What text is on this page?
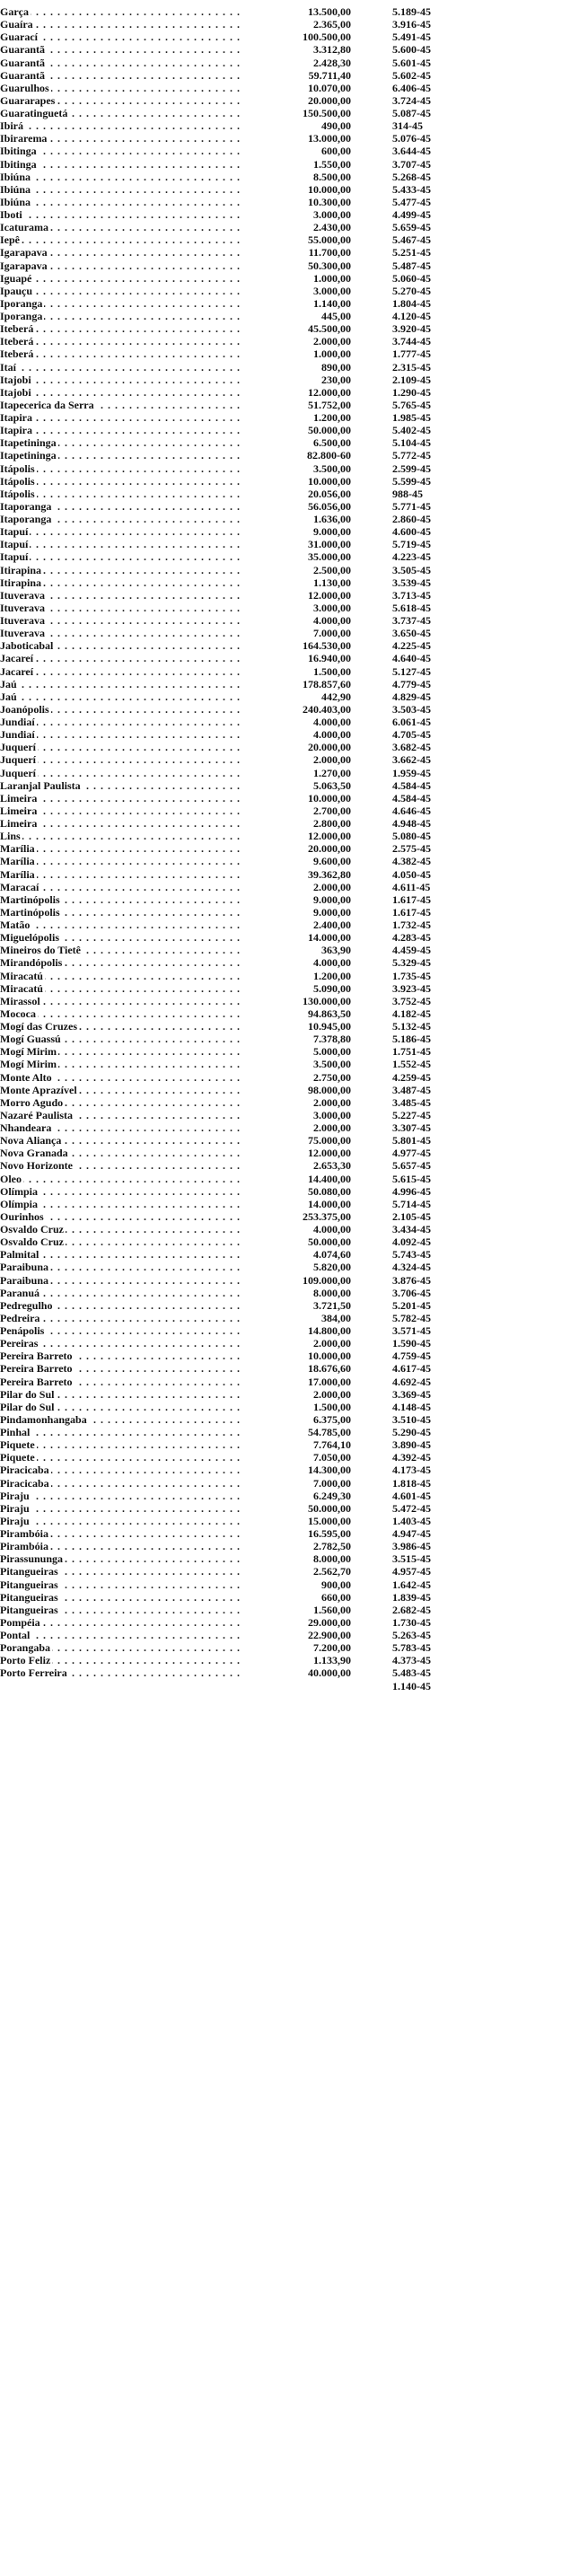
Garça . . .	13.500,00	5.189-45
Guaíra . . .	2.365,00	3.916-45
Guarací . . .	100.500,00	5.491-45
Guarantã . . .	3.312,80	5.600-45
Guarantã . . .	2.428,30	5.601-45
Guarantã . . .	59.711,40	5.602-45
Guarulhos . . .	10.070,00	6.406-45
Guararapes . . .	20.000,00	3.724-45
Guaratinguetá . . .	150.500,00	5.087-45
Ibirá . . .	490,00	314-45
Ibirarema . . .	13.000,00	5.076-45
Ibitinga . . .	600,00	3.644-45
Ibitinga . . .	1.550,00	3.707-45
Ibiúna . . .	8.500,00	5.268-45
Ibiúna . . .	10.000,00	5.433-45
Ibiúna . . .	10.300,00	5.477-45
Iboti . . .	3.000,00	4.499-45
Icaturama . . .	2.430,00	5.659-45
Iepê . . .	55.000,00	5.467-45
Igarapava . . .	11.700,00	5.251-45
Igarapava . . .	50.300,00	5.487-45
Iguapé . . .	1.000,00	5.060-45
Ipauçu . . .	3.000,00	5.270-45
Iporanga . . .	1.140,00	1.804-45
Iporanga . . .	445,00	4.120-45
Iteberá . . .	45.500,00	3.920-45
Iteberá . . .	2.000,00	3.744-45
Iteberá . . .	1.000,00	1.777-45
Itaí . . .	890,00	2.315-45
Itajobi . . .	230,00	2.109-45
Itajobi . . .	12.000,00	1.290-45
Itapecerica da Serra . . .	51.752,00	5.765-45
Itapira . . .	1.200,00	1.985-45
Itapira . . .	50.000,00	5.402-45
Itapetininga . . .	6.500,00	5.104-45
Itapetininga . . .	82.800-60	5.772-45
Itápolis . . .	3.500,00	2.599-45
Itápolis . . .	10.000,00	5.599-45
Itápolis . . .	20.056,00	988-45
Itaporanga . . .	56.056,00	5.771-45
Itaporanga . . .	1.636,00	2.860-45
Itapuí . . .	9.000,00	4.600-45
Itapuí . . .	31.000,00	5.719-45
Itapuí . . .	35.000,00	4.223-45
Itirapina . . .	2.500,00	3.505-45
Itirapina . . .	1.130,00	3.539-45
Ituverava . . .	12.000,00	3.713-45
Ituverava . . .	3.000,00	5.618-45
Ituverava . . .	4.000,00	3.737-45
Ituverava . . .	7.000,00	3.650-45
Jaboticabal . . .	164.530,00	4.225-45
Jacareí . . .	16.940,00	4.640-45
Jacareí . . .	1.500,00	5.127-45
Jaú . . .	178.857,60	4.779-45
Jaú . . .	442,90	4.829-45
Joanópolis . . .	240.403,00	3.503-45
Jundiaí . . .	4.000,00	6.061-45
Jundiaí . . .	4.000,00	4.705-45
Juquerí . . .	20.000,00	3.682-45
Juquerí . . .	2.000,00	3.662-45
Juquerí . . .	1.270,00	1.959-45
Laranjal Paulista . . .	5.063,50	4.584-45
Limeira . . .	10.000,00	4.584-45
Limeira . . .	2.700,00	4.646-45
Limeira . . .	2.800,00	4.948-45
Lins . . .	12.000,00	5.080-45
Marília . . .	20.000,00	2.575-45
Marília . . .	9.600,00	4.382-45
Marília . . .	39.362,80	4.050-45
Maracaí . . .	2.000,00	4.611-45
Martinópolis . . .	9.000,00	1.617-45
Martinópolis . . .	9.000,00	1.617-45
Matão . . .	2.400,00	1.732-45
Miguelópolis . . .	14.000,00	4.283-45
Mineiros do Tietê . . .	363,90	4.459-45
Mirandópolis . . .	4.000,00	5.329-45
Miracatú . . .	1.200,00	1.735-45
Miracatú . . .	5.090,00	3.923-45
Mirassol . . .	130.000,00	3.752-45
Mococa . . .	94.863,50	4.182-45
Mogí das Cruzes . . .	10.945,00	5.132-45
Mogí Guassú . . .	7.378,80	5.186-45
Mogí Mirim . . .	5.000,00	1.751-45
Mogí Mirim . . .	3.500,00	1.552-45
Monte Alto . . .	2.750,00	4.259-45
Monte Aprazível . . .	98.000,00	3.487-45
Morro Agudo . . .	2.000,00	3.485-45
Nazaré Paulista . . .	3.000,00	5.227-45
Nhandeara . . .	2.000,00	3.307-45
Nova Aliança . . .	75.000,00	5.801-45
Nova Granada . . .	12.000,00	4.977-45
Novo Horizonte . . .	2.653,30	5.657-45
Oleo . . .	14.400,00	5.615-45
Olímpia . . .	50.080,00	4.996-45
Olímpia . . .	14.000,00	5.714-45
Ourinhos . . .	253.375,00	2.105-45
Osvaldo Cruz . . .	4.000,00	3.434-45
Osvaldo Cruz . . .	50.000,00	4.092-45
Palmital . . .	4.074,60	5.743-45
Paraibuna . . .	5.820,00	4.324-45
Paraibuna . . .	109.000,00	3.876-45
Paranuá . . .	8.000,00	3.706-45
Pedregulho . . .	3.721,50	5.201-45
Pedreira . . .	384,00	5.782-45
Penápolis . . .	14.800,00	3.571-45
Pereiras . . .	2.000,00	1.590-45
Pereira Barreto . . .	10.000,00	4.759-45
Pereira Barreto . . .	18.676,60	4.617-45
Pereira Barreto . . .	17.000,00	4.692-45
Pilar do Sul . . .	2.000,00	3.369-45
Pilar do Sul . . .	1.500,00	4.148-45
Pindamonhangaba . . .	6.375,00	3.510-45
Pinhal . . .	54.785,00	5.290-45
Piquete . . .	7.764,10	3.890-45
Piquete . . .	7.050,00	4.392-45
Piracicaba . . .	14.300,00	4.173-45
Piracicaba . . .	7.000,00	1.818-45
Piraju . . .	6.249,30	4.601-45
Piraju . . .	50.000,00	5.472-45
Piraju . . .	15.000,00	1.403-45
Pirambóia . . .	16.595,00	4.947-45
Pirambóia . . .	2.782,50	3.986-45
Pirassununga . . .	8.000,00	3.515-45
Pitangueiras . . .	2.562,70	4.957-45
Pitangueiras . . .	900,00	1.642-45
Pitangueiras . . .	660,00	1.839-45
Pitangueiras . . .	1.560,00	2.682-45
Pompéia . . .	29.000,00	1.730-45
Pontal . . .	22.900,00	5.263-45
Porangaba . . .	7.200,00	5.783-45
Porto Feliz . . .	1.133,90	4.373-45
Porto Ferreira . . .	40.000,00	5.483-45
1.140-45
